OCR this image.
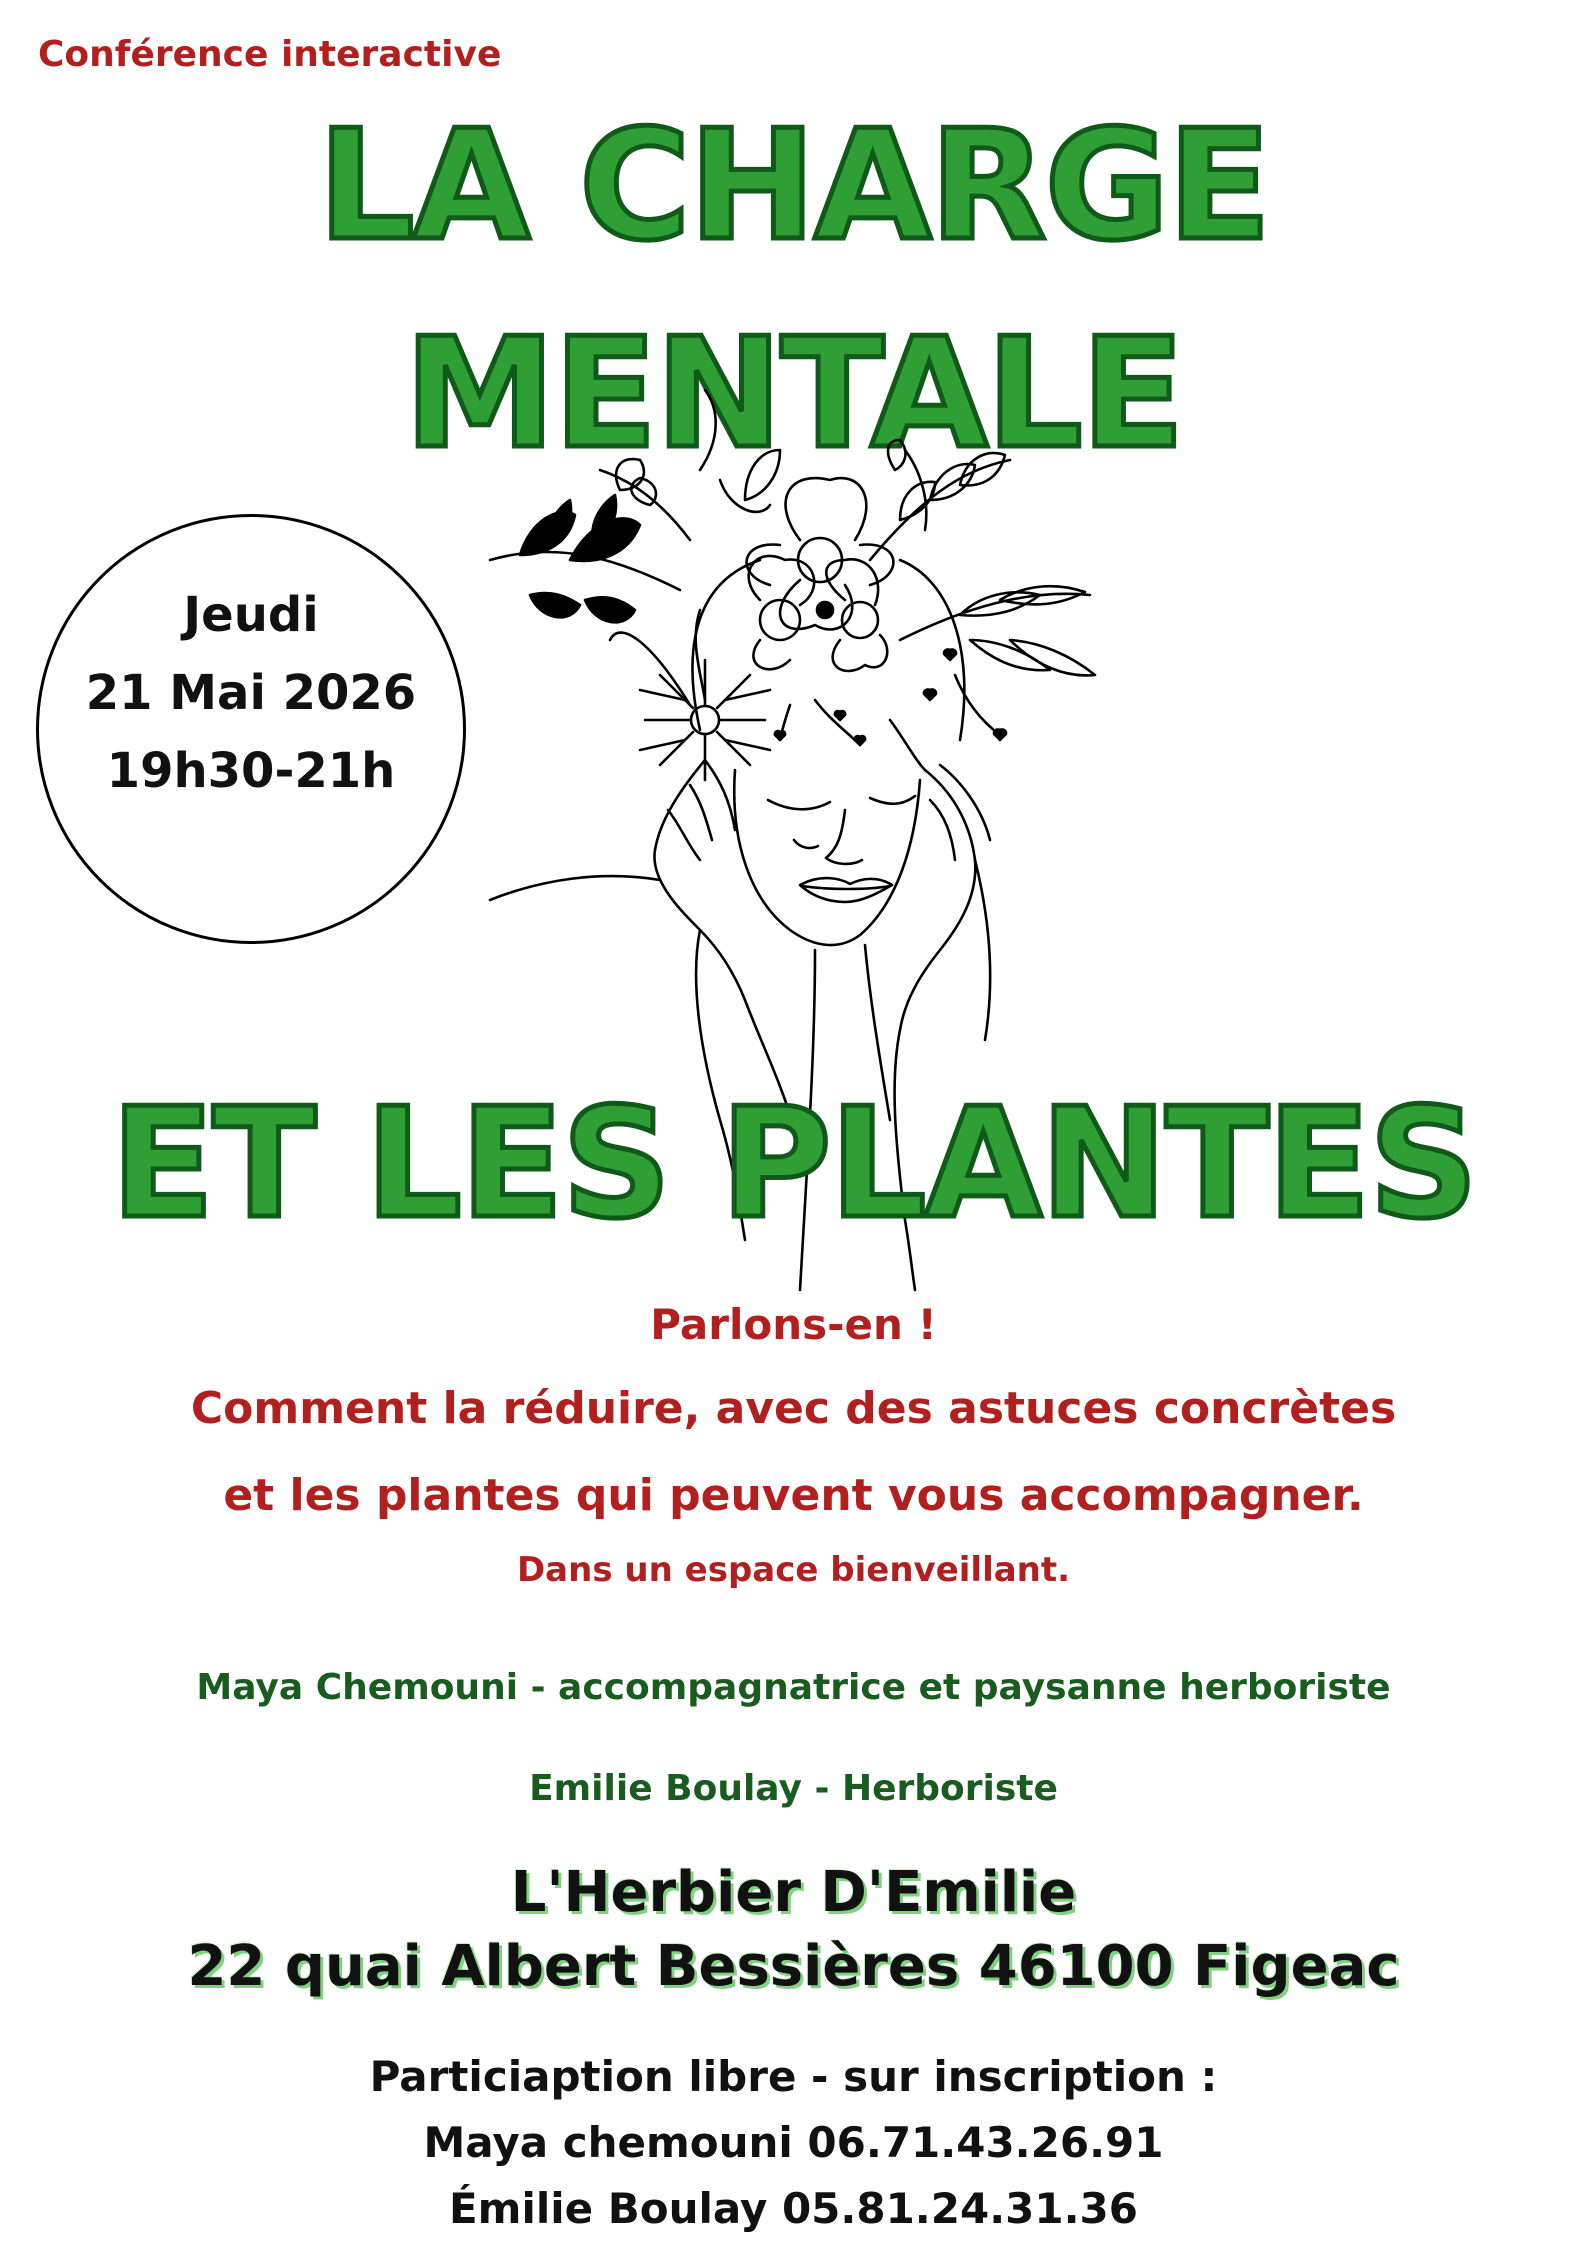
Conférence interactive
LA CHARGE
MENTALE
Jeudi
21 Mai 2026
19h30-21h
ET LES PLANTES
Parlons-en !
Comment la réduire, avec des astuces concrètes
et les plantes qui peuvent vous accompagner.
Dans un espace bienveillant.
Maya Chemouni - accompagnatrice et paysanne herboriste
Emilie Boulay - Herboriste
L'Herbier D'Emilie
22 quai Albert Bessières 46100 Figeac
Particiaption libre - sur inscription :
Maya chemouni 06.71.43.26.91
Émilie Boulay 05.81.24.31.36
